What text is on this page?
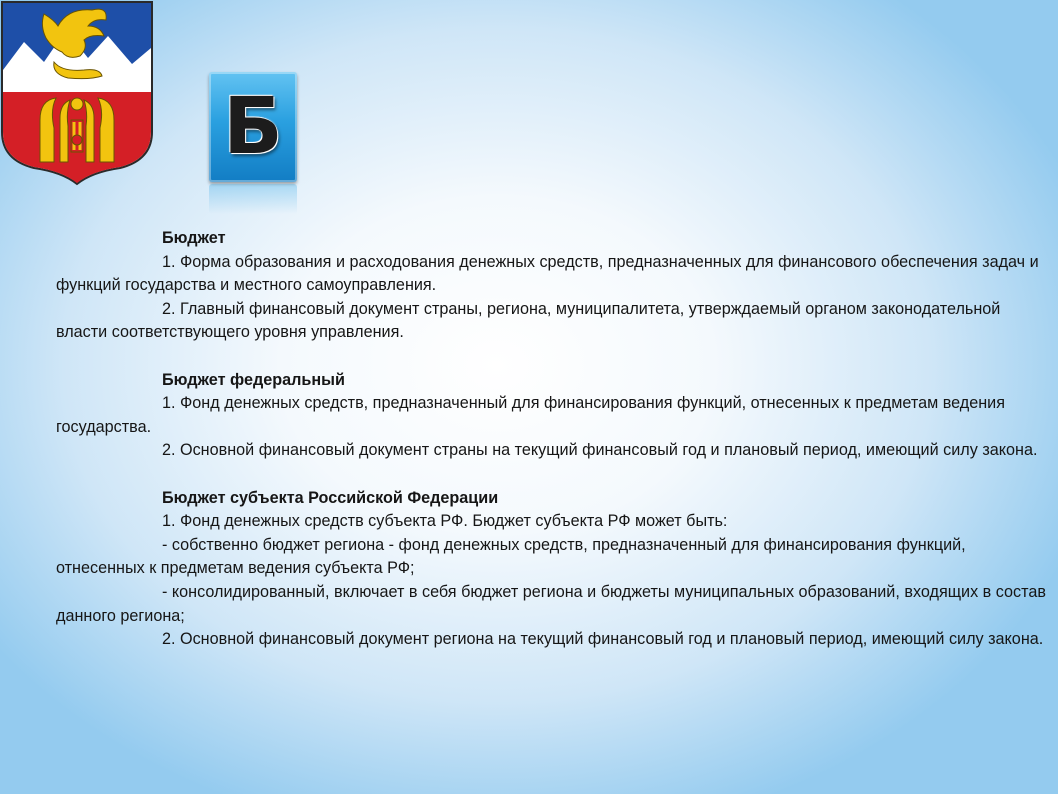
Б

Бюджет

1. Форма образования и расходования денежных средств, предназначенных для финансового обеспечения задач и функций государства и местного самоуправления.

2. Главный финансовый документ страны, региона, муниципалитета, утверждаемый органом законодательной власти соответствующего уровня управления.

Бюджет федеральный

1. Фонд денежных средств, предназначенный для финансирования функций, отнесенных к предметам ведения государства.

2. Основной финансовый документ страны на текущий финансовый год и плановый период, имеющий силу закона.

Бюджет субъекта Российской Федерации

1. Фонд денежных средств субъекта РФ. Бюджет субъекта РФ может быть:

- собственно бюджет региона - фонд денежных средств, предназначенный для финансирования функций, отнесенных к предметам ведения субъекта РФ;

- консолидированный, включает в себя бюджет региона и бюджеты муниципальных образований, входящих в состав данного региона;

2. Основной финансовый документ региона на текущий финансовый год и плановый период, имеющий силу закона.
